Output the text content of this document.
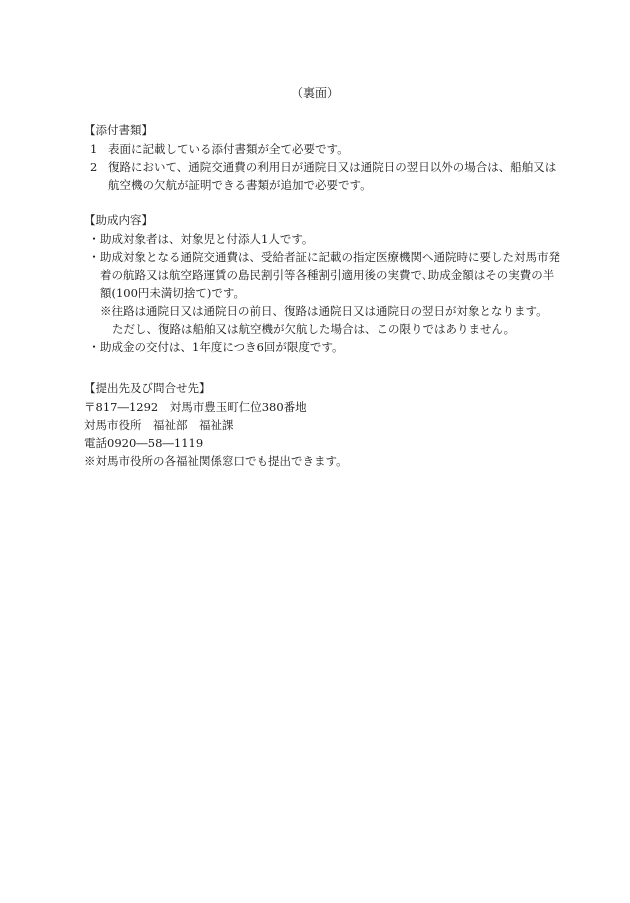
（裏面）
【添付書類】
1 表面に記載している添付書類が全て必要です。
2 復路において、通院交通費の利用日が通院日又は通院日の翌日以外の場合は、船舶又は航空機の欠航が証明できる書類が追加で必要です。
【助成内容】
・ 助成対象者は、対象児と付添人1人です。
・ 助成対象となる通院交通費は、受給者証に記載の指定医療機関へ通院時に要した対馬市発着の航路又は航空路運賃の島民割引等各種割引適用後の実費で､助成金額はその実費の半額(100円未満切捨て)です。
※往路は通院日又は通院日の前日、復路は通院日又は通院日の翌日が対象となります。
ただし、復路は船舶又は航空機が欠航した場合は、この限りではありません。
・ 助成金の交付は、1年度につき6回が限度です。
【提出先及び問合せ先】
〒817―1292　対馬市豊玉町仁位380番地
対馬市役所　福祉部　福祉課
電話0920―58―1119
※対馬市役所の各福祉関係窓口でも提出できます。
